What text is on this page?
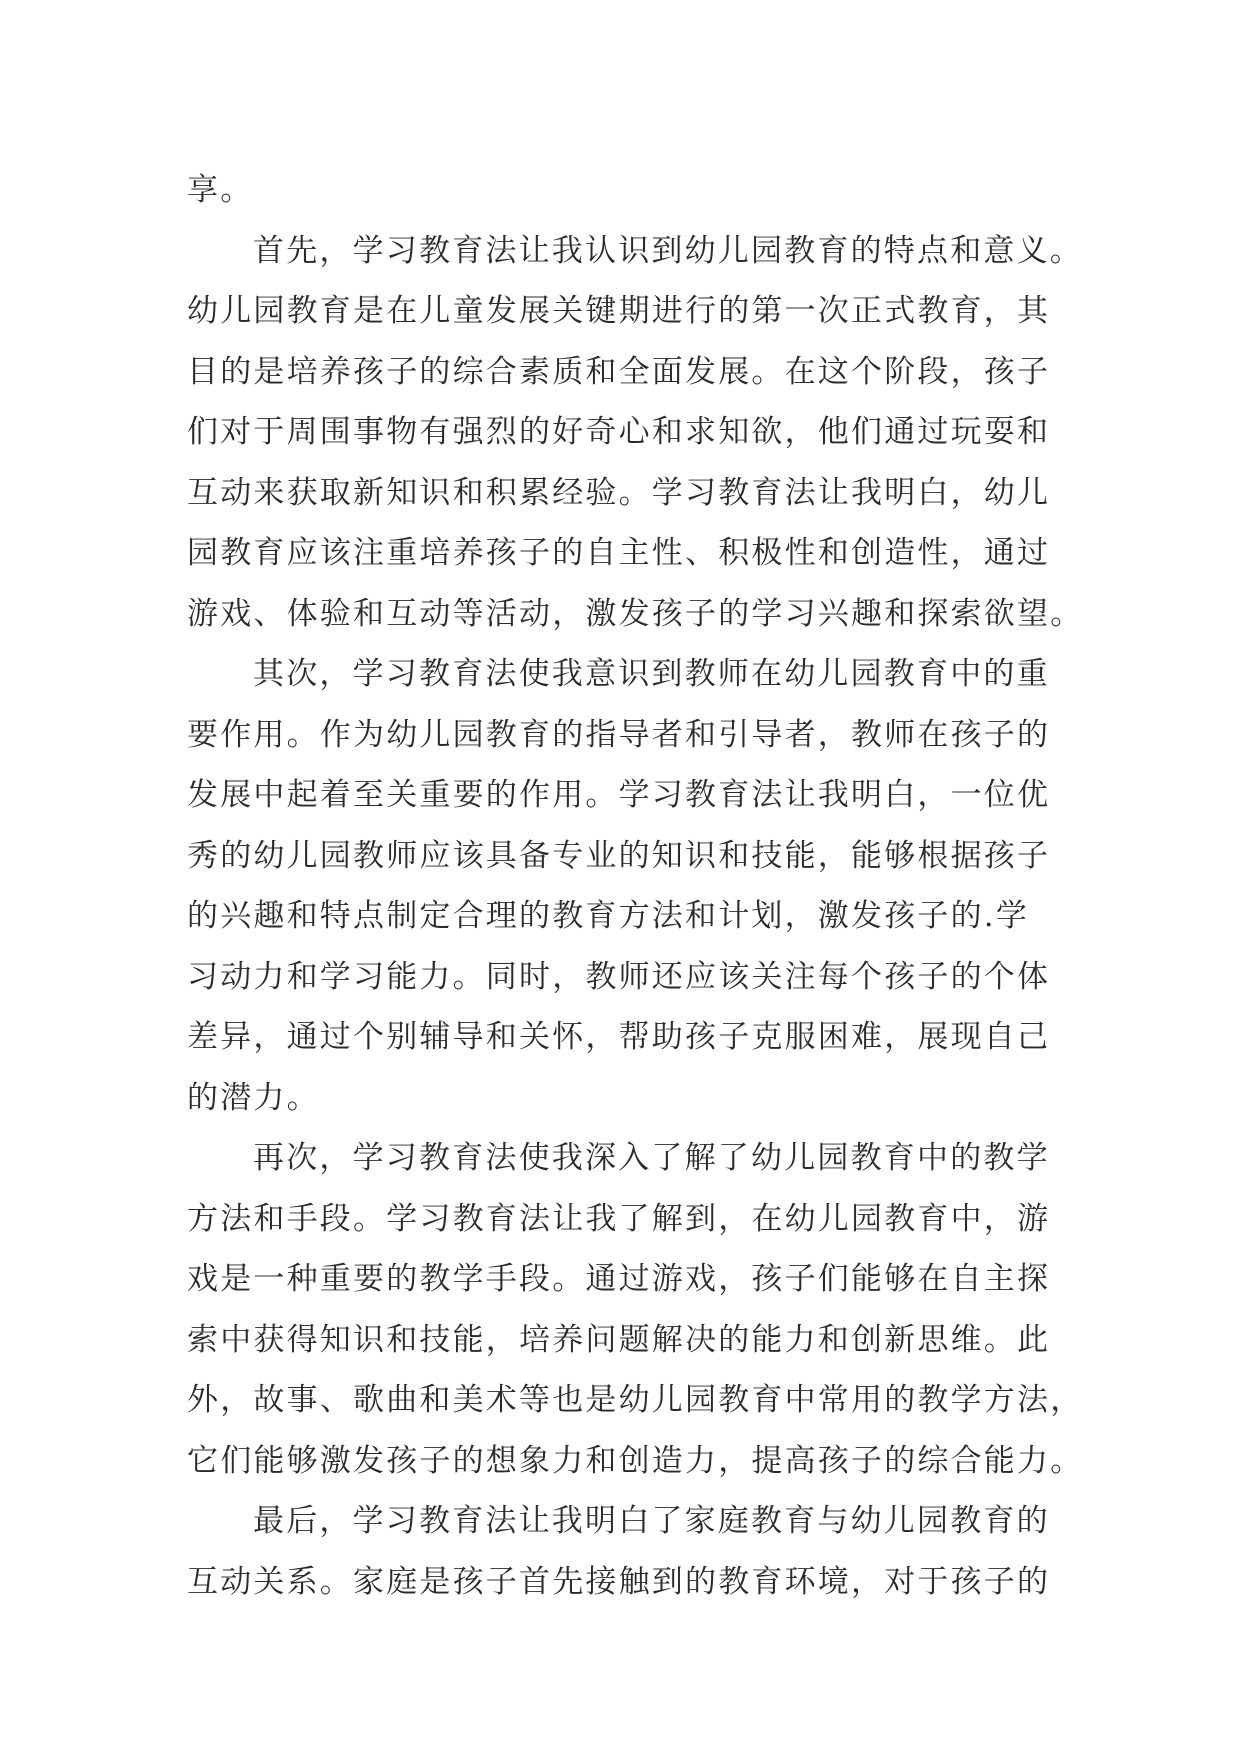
享。
首先，学习教育法让我认识到幼儿园教育的特点和意义。
幼儿园教育是在儿童发展关键期进行的第一次正式教育，其
目的是培养孩子的综合素质和全面发展。在这个阶段，孩子
们对于周围事物有强烈的好奇心和求知欲，他们通过玩耍和
互动来获取新知识和积累经验。学习教育法让我明白，幼儿
园教育应该注重培养孩子的自主性、积极性和创造性，通过
游戏、体验和互动等活动，激发孩子的学习兴趣和探索欲望。
其次，学习教育法使我意识到教师在幼儿园教育中的重
要作用。作为幼儿园教育的指导者和引导者，教师在孩子的
发展中起着至关重要的作用。学习教育法让我明白，一位优
秀的幼儿园教师应该具备专业的知识和技能，能够根据孩子
的兴趣和特点制定合理的教育方法和计划，激发孩子的.学
习动力和学习能力。同时，教师还应该关注每个孩子的个体
差异，通过个别辅导和关怀，帮助孩子克服困难，展现自己
的潜力。
再次，学习教育法使我深入了解了幼儿园教育中的教学
方法和手段。学习教育法让我了解到，在幼儿园教育中，游
戏是一种重要的教学手段。通过游戏，孩子们能够在自主探
索中获得知识和技能，培养问题解决的能力和创新思维。此
外，故事、歌曲和美术等也是幼儿园教育中常用的教学方法，
它们能够激发孩子的想象力和创造力，提高孩子的综合能力。
最后，学习教育法让我明白了家庭教育与幼儿园教育的
互动关系。家庭是孩子首先接触到的教育环境，对于孩子的
